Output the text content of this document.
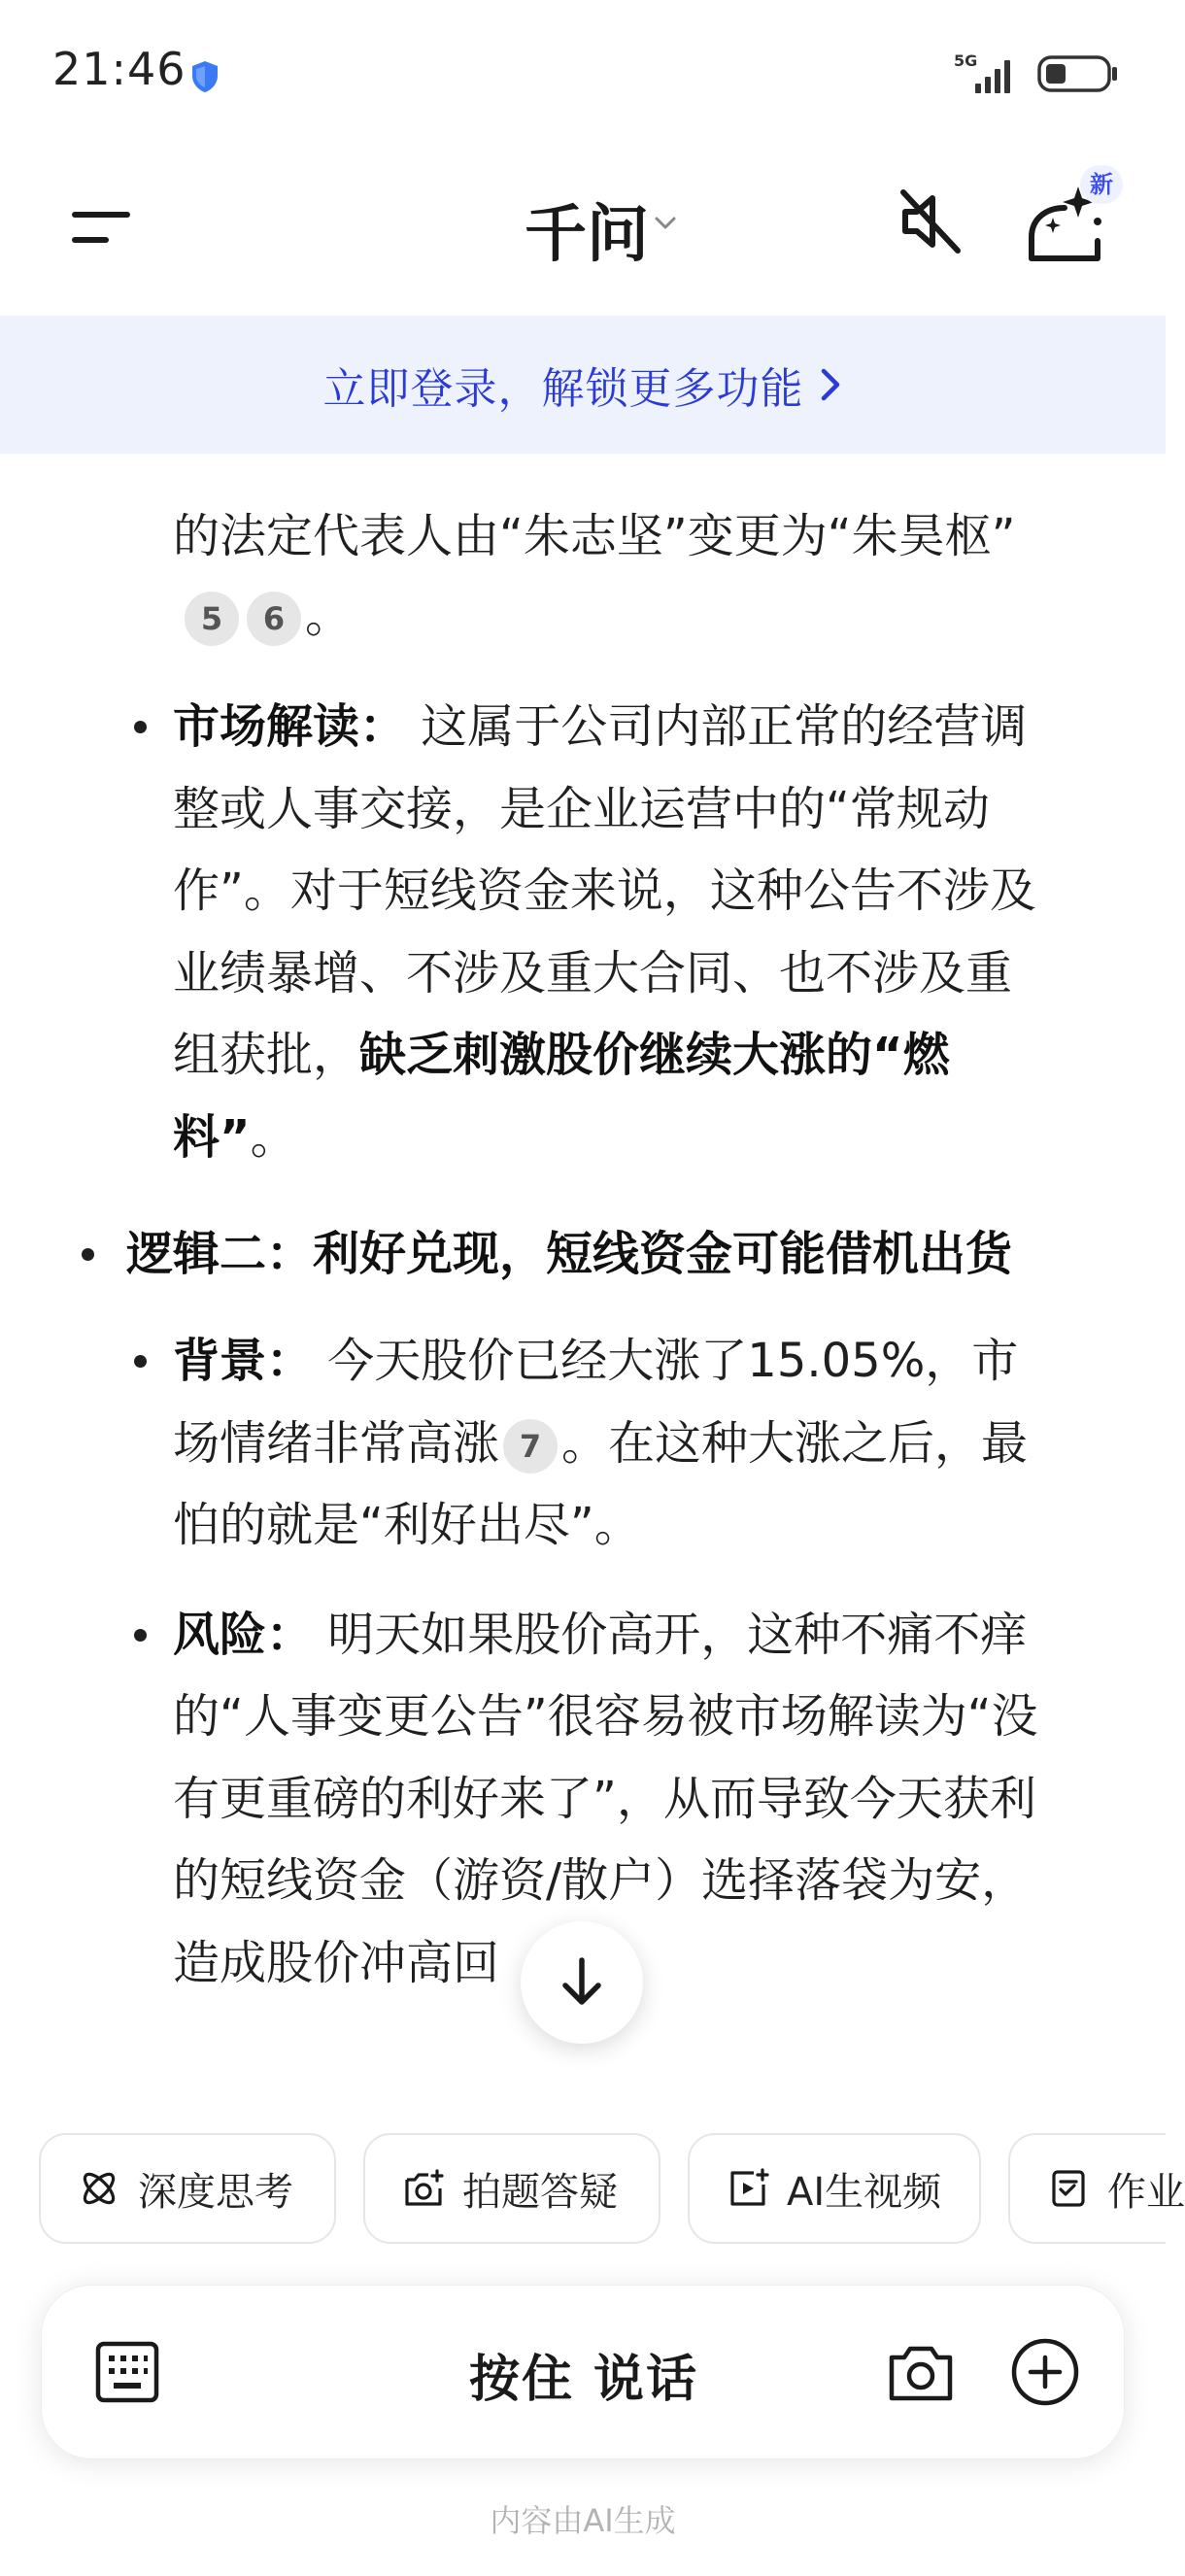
21:46	5G
千问
新
立即登录，解锁更多功能
的法定代表人由“朱志坚”变更为“朱昊枢”
5 6 。
市场解读： 这属于公司内部正常的经营调
整或人事交接，是企业运营中的“常规动
作”。对于短线资金来说，这种公告不涉及
业绩暴增、不涉及重大合同、也不涉及重
组获批，缺乏刺激股价继续大涨的“燃
料”。
逻辑二：利好兑现，短线资金可能借机出货
背景： 今天股价已经大涨了15.05%，市
场情绪非常高涨 7 。在这种大涨之后，最
怕的就是“利好出尽”。
风险： 明天如果股价高开，这种不痛不痒
的“人事变更公告”很容易被市场解读为“没
有更重磅的利好来了”，从而导致今天获利
的短线资金（游资/散户）选择落袋为安，
造成股价冲高回
深度思考	拍题答疑	AI生视频	作业
按住 说话
内容由AI生成
